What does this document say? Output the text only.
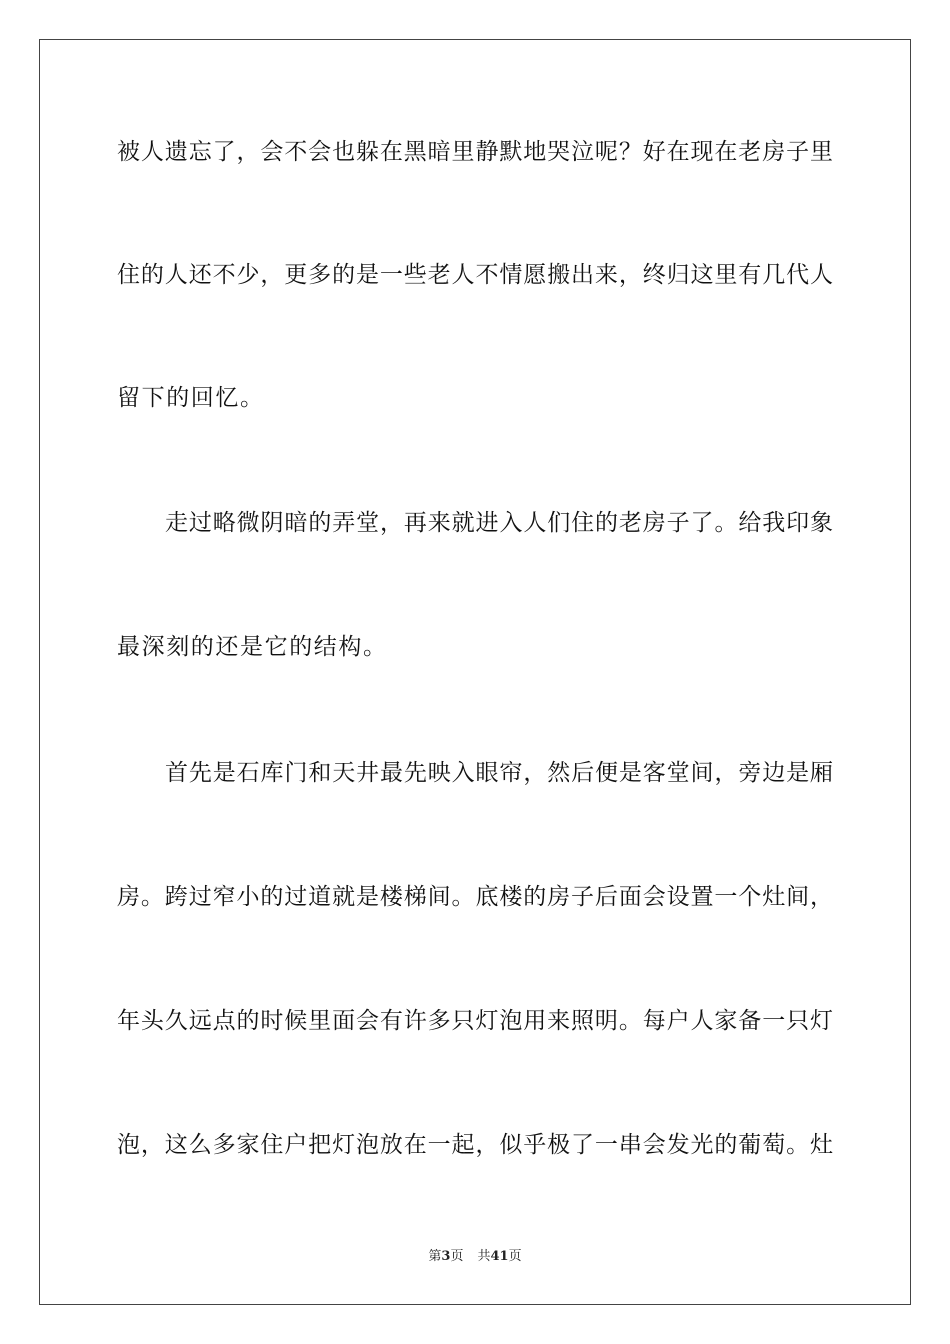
被人遗忘了，会不会也躲在黑暗里静默地哭泣呢？好在现在老房子里
住的人还不少，更多的是一些老人不情愿搬出来，终归这里有几代人
留下的回忆。
走过略微阴暗的弄堂，再来就进入人们住的老房子了。给我印象
最深刻的还是它的结构。
首先是石库门和天井最先映入眼帘，然后便是客堂间，旁边是厢
房。跨过窄小的过道就是楼梯间。底楼的房子后面会设置一个灶间，
年头久远点的时候里面会有许多只灯泡用来照明。每户人家备一只灯
泡，这么多家住户把灯泡放在一起，似乎极了一串会发光的葡萄。灶
第3页 共41页
